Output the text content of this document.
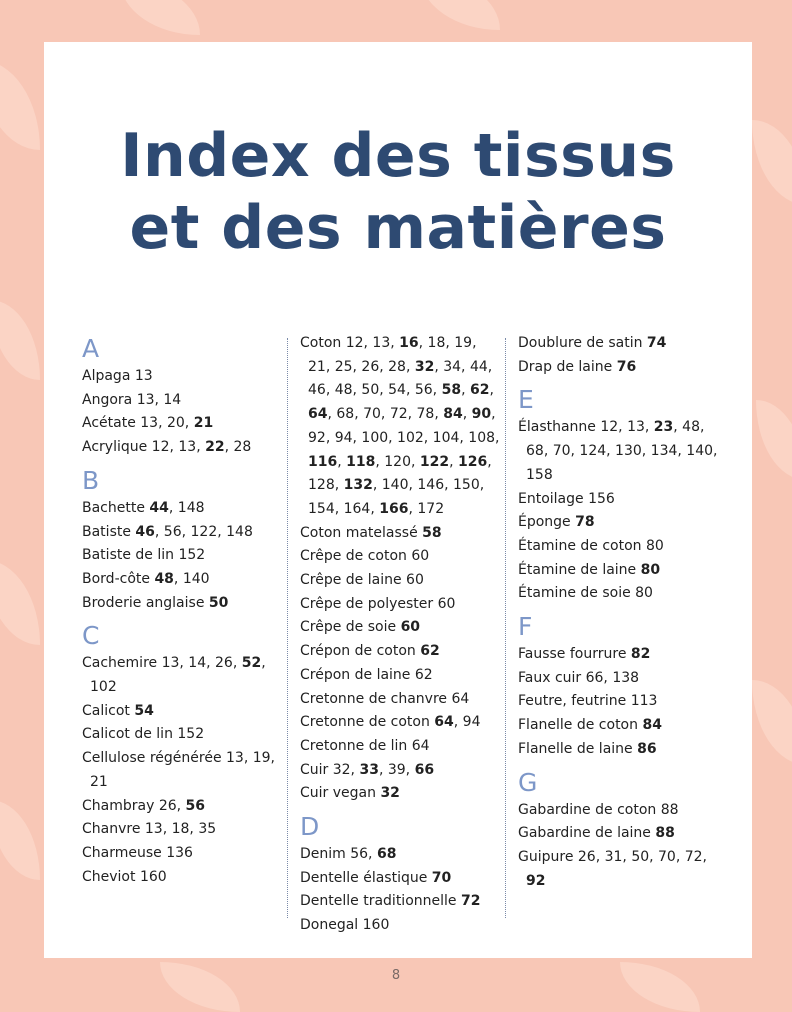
Index des tissus
et des matières
A
Alpaga 13
Angora 13, 14
Acétate 13, 20, 21
Acrylique 12, 13, 22, 28
B
Bachette 44, 148
Batiste 46, 56, 122, 148
Batiste de lin 152
Bord-côte 48, 140
Broderie anglaise 50
C
Cachemire 13, 14, 26, 52, 102
Calicot 54
Calicot de lin 152
Cellulose régénérée 13, 19, 21
Chambray 26, 56
Chanvre 13, 18, 35
Charmeuse 136
Cheviot 160
Coton 12, 13, 16, 18, 19, 21, 25, 26, 28, 32, 34, 44, 46, 48, 50, 54, 56, 58, 62, 64, 68, 70, 72, 78, 84, 90, 92, 94, 100, 102, 104, 108, 116, 118, 120, 122, 126, 128, 132, 140, 146, 150, 154, 164, 166, 172
Coton matelassé 58
Crêpe de coton 60
Crêpe de laine 60
Crêpe de polyester 60
Crêpe de soie 60
Crépon de coton 62
Crépon de laine 62
Cretonne de chanvre 64
Cretonne de coton 64, 94
Cretonne de lin 64
Cuir 32, 33, 39, 66
Cuir vegan 32
D
Denim 56, 68
Dentelle élastique 70
Dentelle traditionnelle 72
Donegal 160
Doublure de satin 74
Drap de laine 76
E
Élasthanne 12, 13, 23, 48, 68, 70, 124, 130, 134, 140, 158
Entoilage 156
Éponge 78
Étamine de coton 80
Étamine de laine 80
Étamine de soie 80
F
Fausse fourrure 82
Faux cuir 66, 138
Feutre, feutrine 113
Flanelle de coton 84
Flanelle de laine 86
G
Gabardine de coton 88
Gabardine de laine 88
Guipure 26, 31, 50, 70, 72, 92
8
